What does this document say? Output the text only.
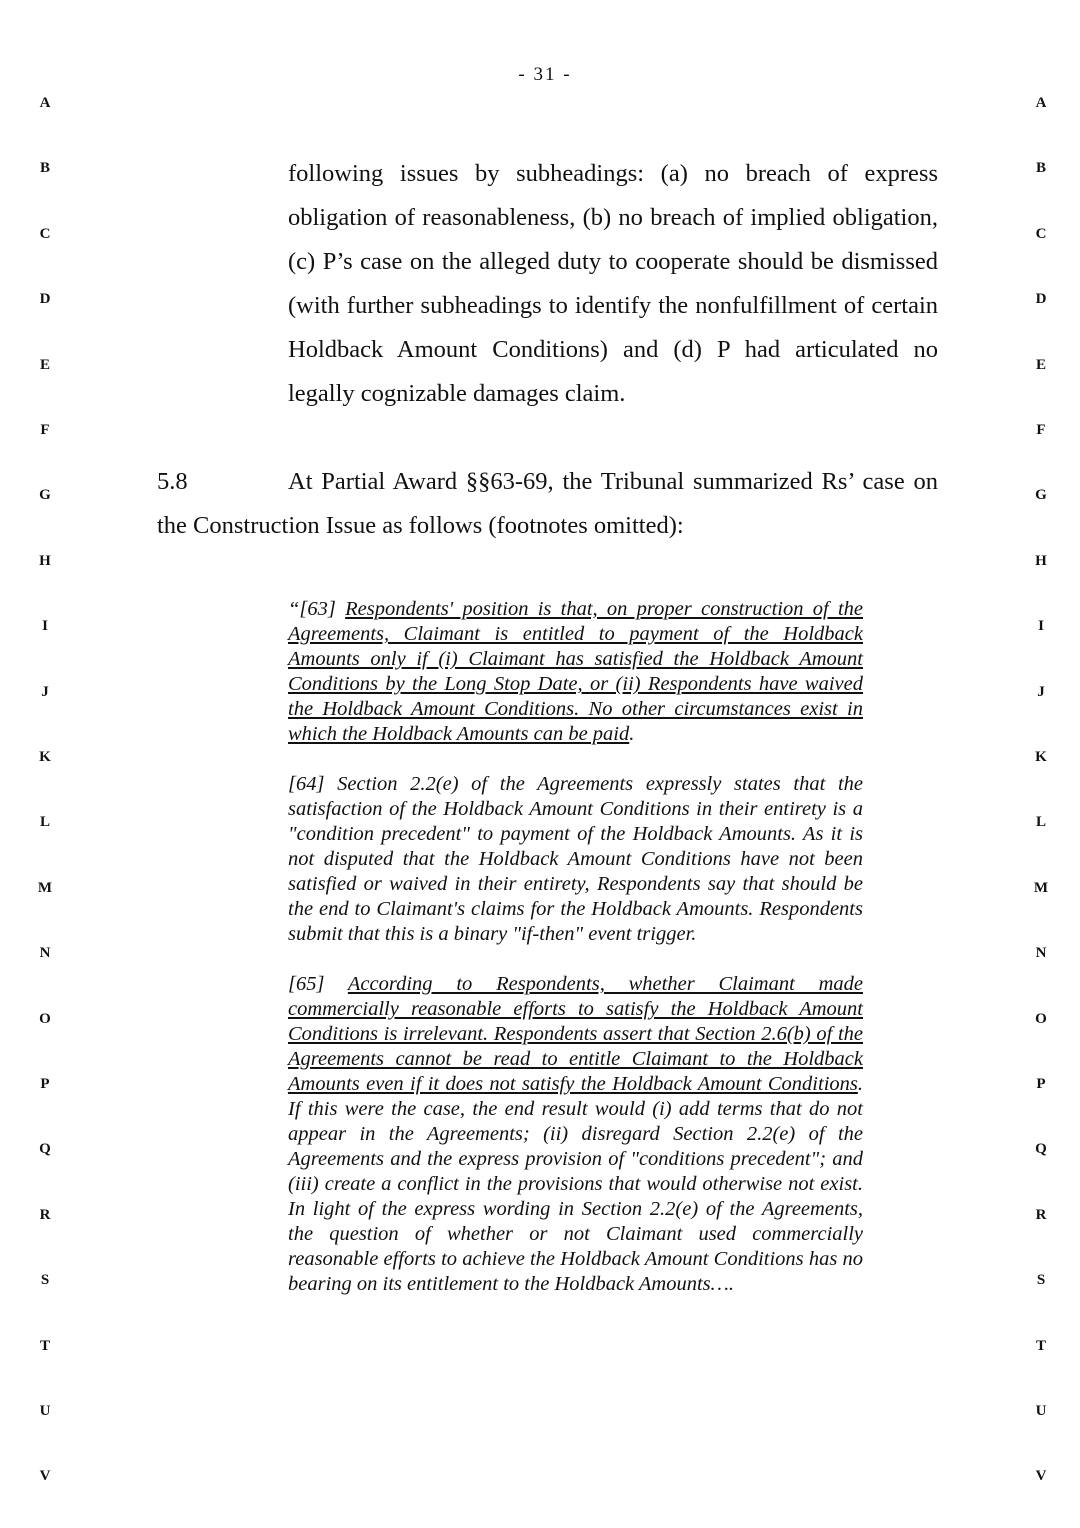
- 31 -
A
B
C
D
E
F
G
H
I
J
K
L
M
N
O
P
Q
R
S
T
U
V
A
B
C
D
E
F
G
H
I
J
K
L
M
N
O
P
Q
R
S
T
U
V
following issues by subheadings: (a) no breach of express obligation of reasonableness, (b) no breach of implied obligation, (c) P’s case on the alleged duty to cooperate should be dismissed (with further subheadings to identify the nonfulfillment of certain Holdback Amount Conditions) and (d) P had articulated no legally cognizable damages claim.
5.8	At Partial Award §§63-69, the Tribunal summarized Rs’ case on the Construction Issue as follows (footnotes omitted):
“[63] Respondents' position is that, on proper construction of the Agreements, Claimant is entitled to payment of the Holdback Amounts only if (i) Claimant has satisfied the Holdback Amount Conditions by the Long Stop Date, or (ii) Respondents have waived the Holdback Amount Conditions. No other circumstances exist in which the Holdback Amounts can be paid.
[64] Section 2.2(e) of the Agreements expressly states that the satisfaction of the Holdback Amount Conditions in their entirety is a "condition precedent" to payment of the Holdback Amounts. As it is not disputed that the Holdback Amount Conditions have not been satisfied or waived in their entirety, Respondents say that should be the end to Claimant's claims for the Holdback Amounts. Respondents submit that this is a binary "if-then" event trigger.
[65] According to Respondents, whether Claimant made commercially reasonable efforts to satisfy the Holdback Amount Conditions is irrelevant. Respondents assert that Section 2.6(b) of the Agreements cannot be read to entitle Claimant to the Holdback Amounts even if it does not satisfy the Holdback Amount Conditions. If this were the case, the end result would (i) add terms that do not appear in the Agreements; (ii) disregard Section 2.2(e) of the Agreements and the express provision of "conditions precedent"; and (iii) create a conflict in the provisions that would otherwise not exist. In light of the express wording in Section 2.2(e) of the Agreements, the question of whether or not Claimant used commercially reasonable efforts to achieve the Holdback Amount Conditions has no bearing on its entitlement to the Holdback Amounts….
